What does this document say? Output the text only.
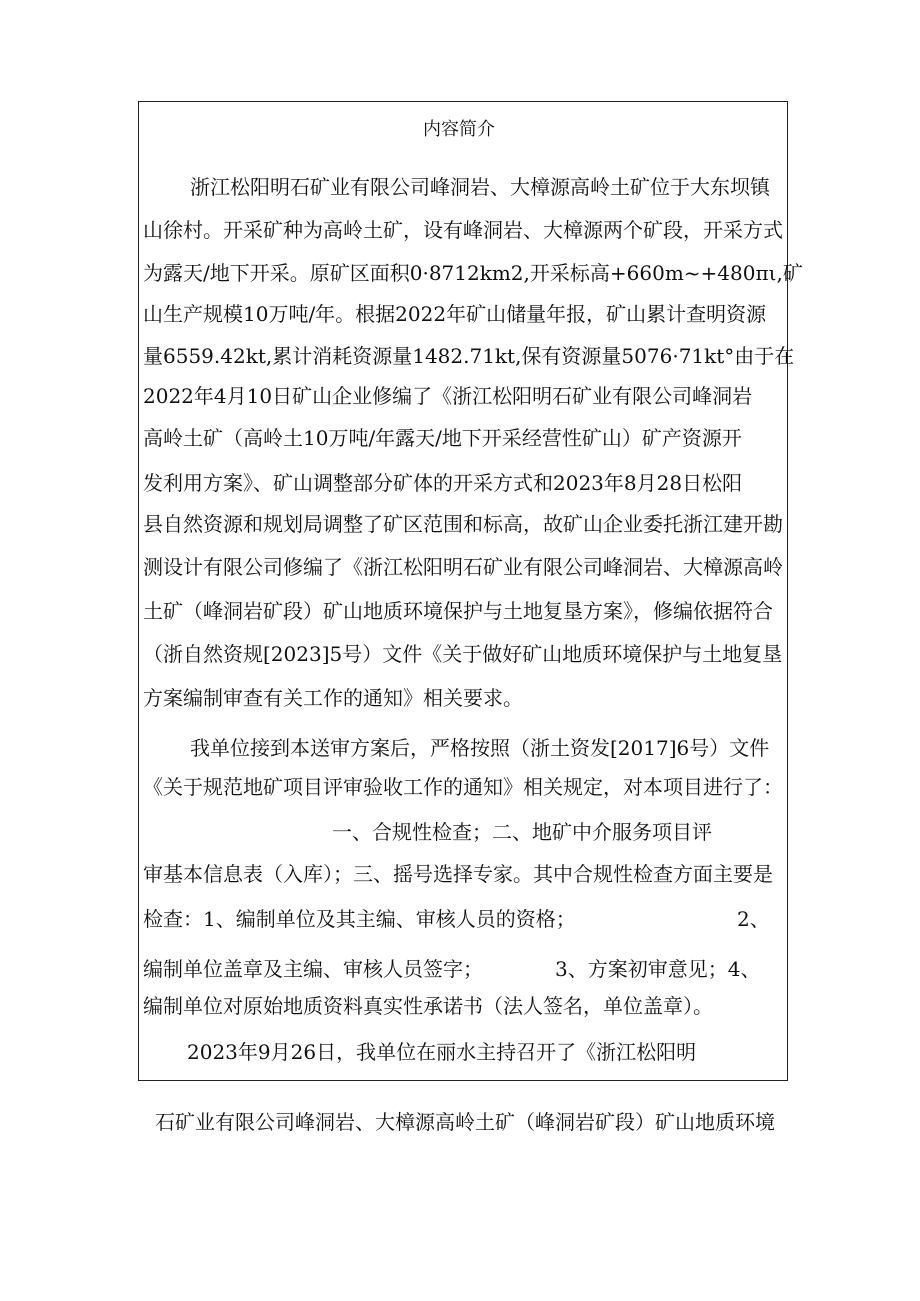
内容简介
浙江松阳明石矿业有限公司峰洞岩、大樟源高岭土矿位于大东坝镇
山徐村。开采矿种为高岭土矿，设有峰洞岩、大樟源两个矿段，开采方式
为露天/地下开采。原矿区面积0·8712km2,开采标高+660m~+480πι,矿
山生产规模10万吨/年。根据2022年矿山储量年报，矿山累计查明资源
量6559.42kt,累计消耗资源量1482.71kt,保有资源量5076·71kt°由于在
2022年4月10日矿山企业修编了《浙江松阳明石矿业有限公司峰洞岩
高岭土矿（高岭土10万吨/年露天/地下开采经营性矿山）矿产资源开
发利用方案》、矿山调整部分矿体的开采方式和2023年8月28日松阳
县自然资源和规划局调整了矿区范围和标高，故矿山企业委托浙江建开勘
测设计有限公司修编了《浙江松阳明石矿业有限公司峰洞岩、大樟源高岭
土矿（峰洞岩矿段）矿山地质环境保护与土地复垦方案》，修编依据符合
（浙自然资规[2023]5号）文件《关于做好矿山地质环境保护与土地复垦
方案编制审查有关工作的通知》相关要求。
我单位接到本送审方案后，严格按照（浙土资发[2017]6号）文件
《关于规范地矿项目评审验收工作的通知》相关规定，对本项目进行了：
一、合规性检查；二、地矿中介服务项目评
审基本信息表（入库）；三、摇号选择专家。其中合规性检查方面主要是
检查：1、编制单位及其主编、审核人员的资格；	2、
编制单位盖章及主编、审核人员签字；	3、方案初审意见；4、
编制单位对原始地质资料真实性承诺书（法人签名，单位盖章）。
2023年9月26日，我单位在丽水主持召开了《浙江松阳明
石矿业有限公司峰洞岩、大樟源高岭土矿（峰洞岩矿段）矿山地质环境
